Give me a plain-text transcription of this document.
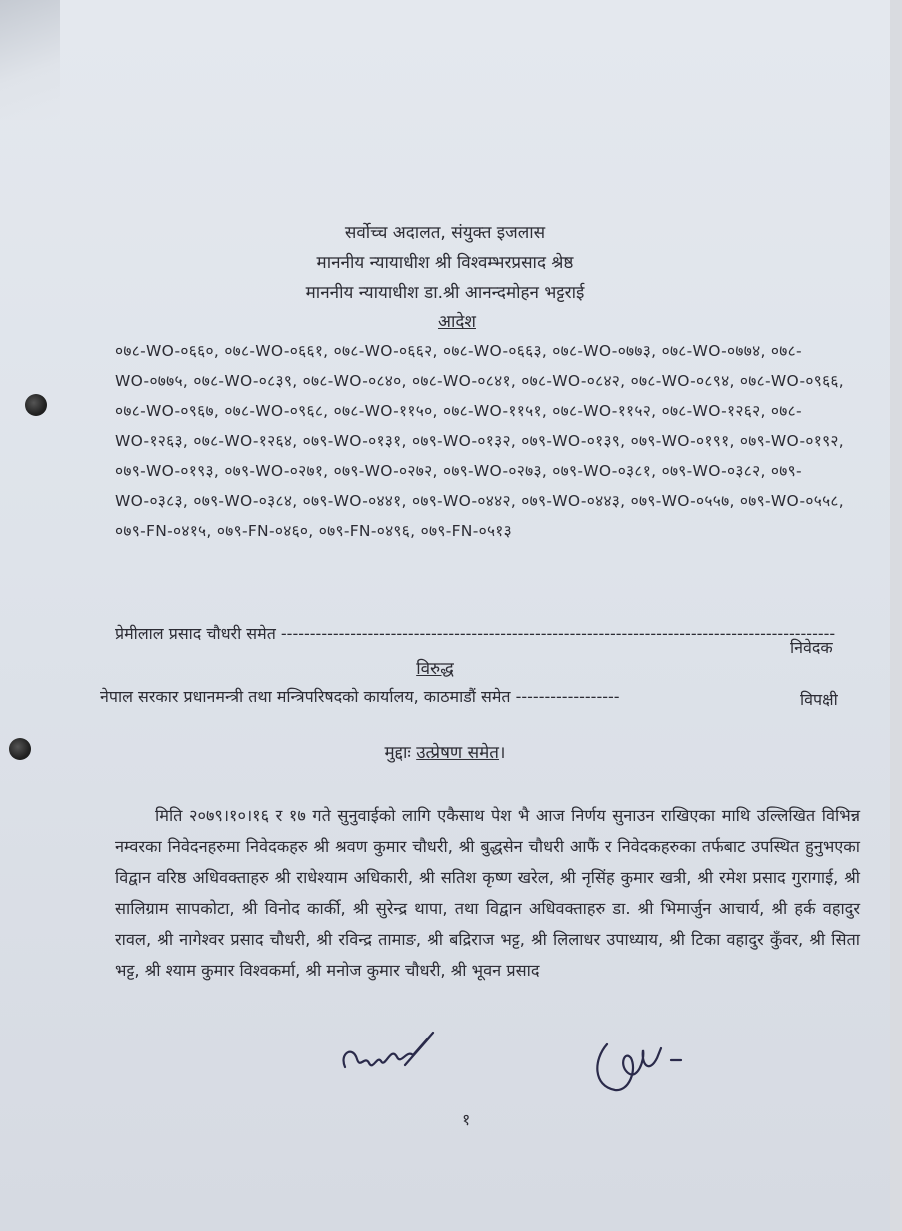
सर्वोच्च अदालत, संयुक्त इजलास
माननीय न्यायाधीश श्री विश्वम्भरप्रसाद श्रेष्ठ
माननीय न्यायाधीश डा.श्री आनन्दमोहन भट्टराई
आदेश
०७८-WO-०६६०, ०७८-WO-०६६१, ०७८-WO-०६६२, ०७८-WO-०६६३, ०७८-WO-०७७३, ०७८-WO-०७७४, ०७८-WO-०७७५, ०७८-WO-०८३९, ०७८-WO-०८४०, ०७८-WO-०८४१, ०७८-WO-०८४२, ०७८-WO-०८९४, ०७८-WO-०९६६, ०७८-WO-०९६७, ०७८-WO-०९६८, ०७८-WO-११५०, ०७८-WO-११५१, ०७८-WO-११५२, ०७८-WO-१२६२, ०७८-WO-१२६३, ०७८-WO-१२६४, ०७९-WO-०१३१, ०७९-WO-०१३२, ०७९-WO-०१३९, ०७९-WO-०१९१, ०७९-WO-०१९२, ०७९-WO-०१९३, ०७९-WO-०२७१, ०७९-WO-०२७२, ०७९-WO-०२७३, ०७९-WO-०३८१, ०७९-WO-०३८२, ०७९-WO-०३८३, ०७९-WO-०३८४, ०७९-WO-०४४१, ०७९-WO-०४४२, ०७९-WO-०४४३, ०७९-WO-०५५७, ०७९-WO-०५५८, ०७९-FN-०४१५, ०७९-FN-०४६०, ०७९-FN-०४९६, ०७९-FN-०५१३
प्रेमीलाल प्रसाद चौधरी समेत ------------------------------------------------------------------------------------------------
निवेदक
विरुद्ध
नेपाल सरकार प्रधानमन्त्री तथा मन्त्रिपरिषदको कार्यालय, काठमाडौं समेत ------------------	विपक्षी
मुद्दाः उत्प्रेषण समेत।

मिति २०७९।१०।१६ र १७ गते सुनुवाईको लागि एकैसाथ पेश भै आज निर्णय सुनाउन राखिएका माथि उल्लिखित विभिन्न नम्वरका निवेदनहरुमा निवेदकहरु श्री श्रवण कुमार चौधरी, श्री बुद्धसेन चौधरी आफैं र निवेदकहरुका तर्फबाट उपस्थित हुनुभएका विद्वान वरिष्ठ अधिवक्ताहरु श्री राधेश्याम अधिकारी, श्री सतिश कृष्ण खरेल, श्री नृसिंह कुमार खत्री, श्री रमेश प्रसाद गुरागाई, श्री सालिग्राम सापकोटा, श्री विनोद कार्की, श्री सुरेन्द्र थापा, तथा विद्वान अधिवक्ताहरु डा. श्री भिमार्जुन आचार्य, श्री हर्क वहादुर रावल, श्री नागेश्वर प्रसाद चौधरी, श्री रविन्द्र तामाङ, श्री बद्रिराज भट्ट, श्री लिलाधर उपाध्याय, श्री टिका वहादुर कुँवर, श्री सिता भट्ट, श्री श्याम कुमार विश्वकर्मा, श्री मनोज कुमार चौधरी, श्री भूवन प्रसाद

१
